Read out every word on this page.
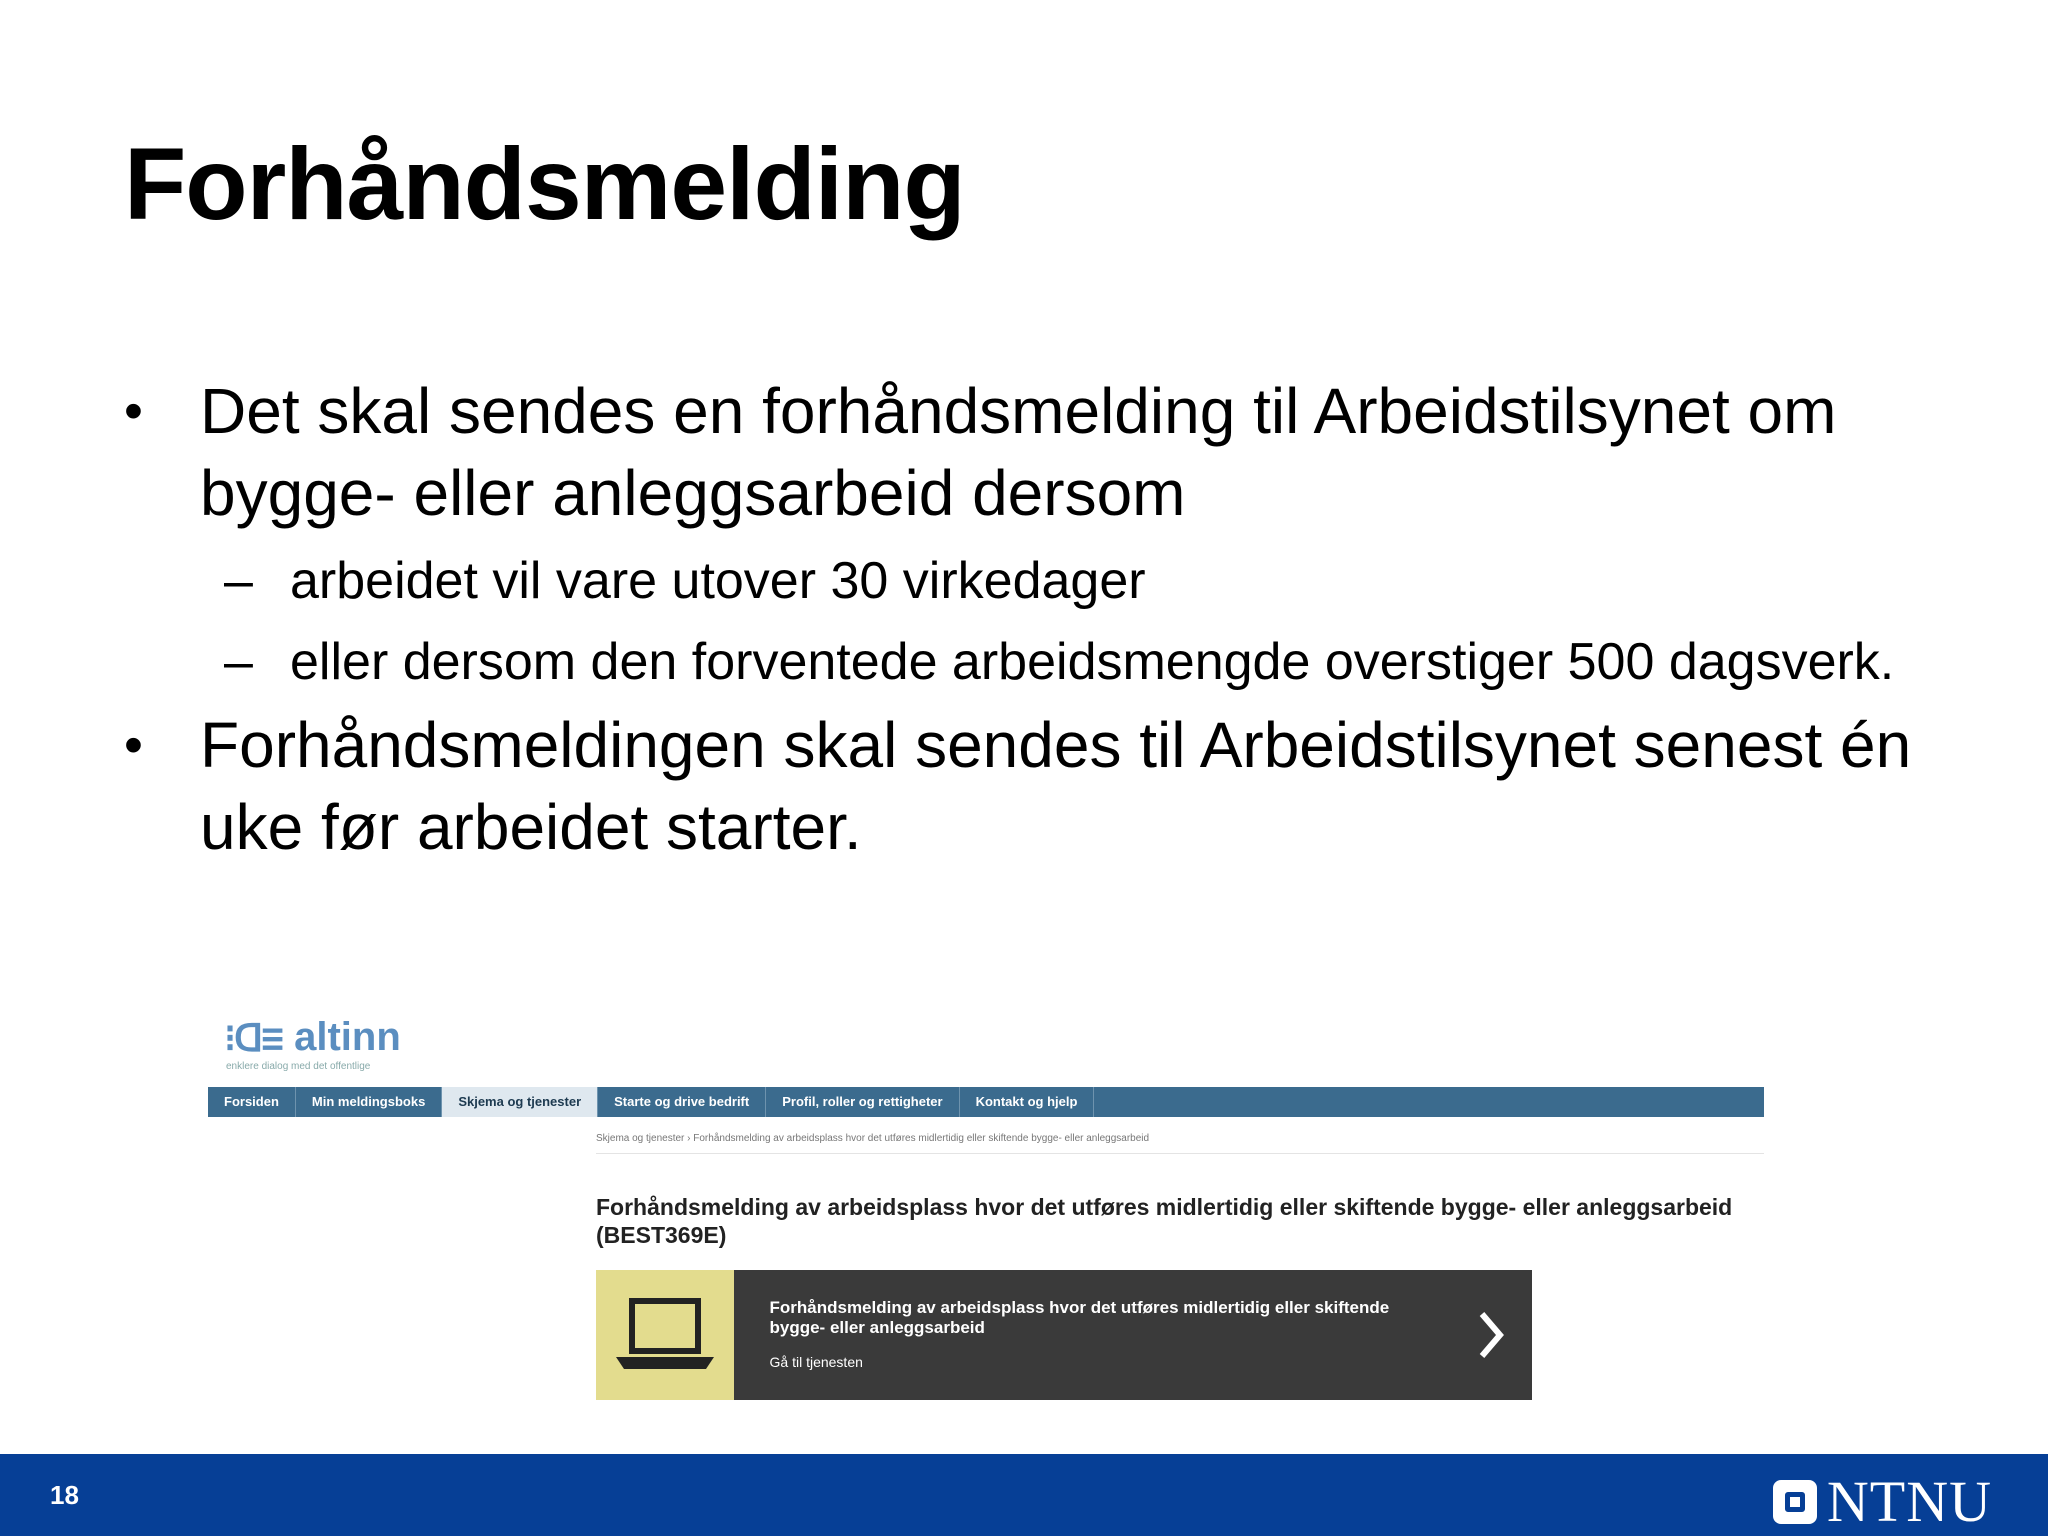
Forhåndsmelding
• Det skal sendes en forhåndsmelding til Arbeidstilsynet om bygge- eller anleggsarbeid dersom
– arbeidet vil vare utover 30 virkedager
– eller dersom den forventede arbeidsmengde overstiger 500 dagsverk.
• Forhåndsmeldingen skal sendes til Arbeidstilsynet senest én uke før arbeidet starter.
⁝ᗡ≡ altinn
enklere dialog med det offentlige
Forsiden	Min meldingsboks	Skjema og tjenester	Starte og drive bedrift	Profil, roller og rettigheter	Kontakt og hjelp
Skjema og tjenester › Forhåndsmelding av arbeidsplass hvor det utføres midlertidig eller skiftende bygge- eller anleggsarbeid
Forhåndsmelding av arbeidsplass hvor det utføres midlertidig eller skiftende bygge- eller anleggsarbeid (BEST369E)
Forhåndsmelding av arbeidsplass hvor det utføres midlertidig eller skiftende bygge- eller anleggsarbeid
Gå til tjenesten
18	NTNU
